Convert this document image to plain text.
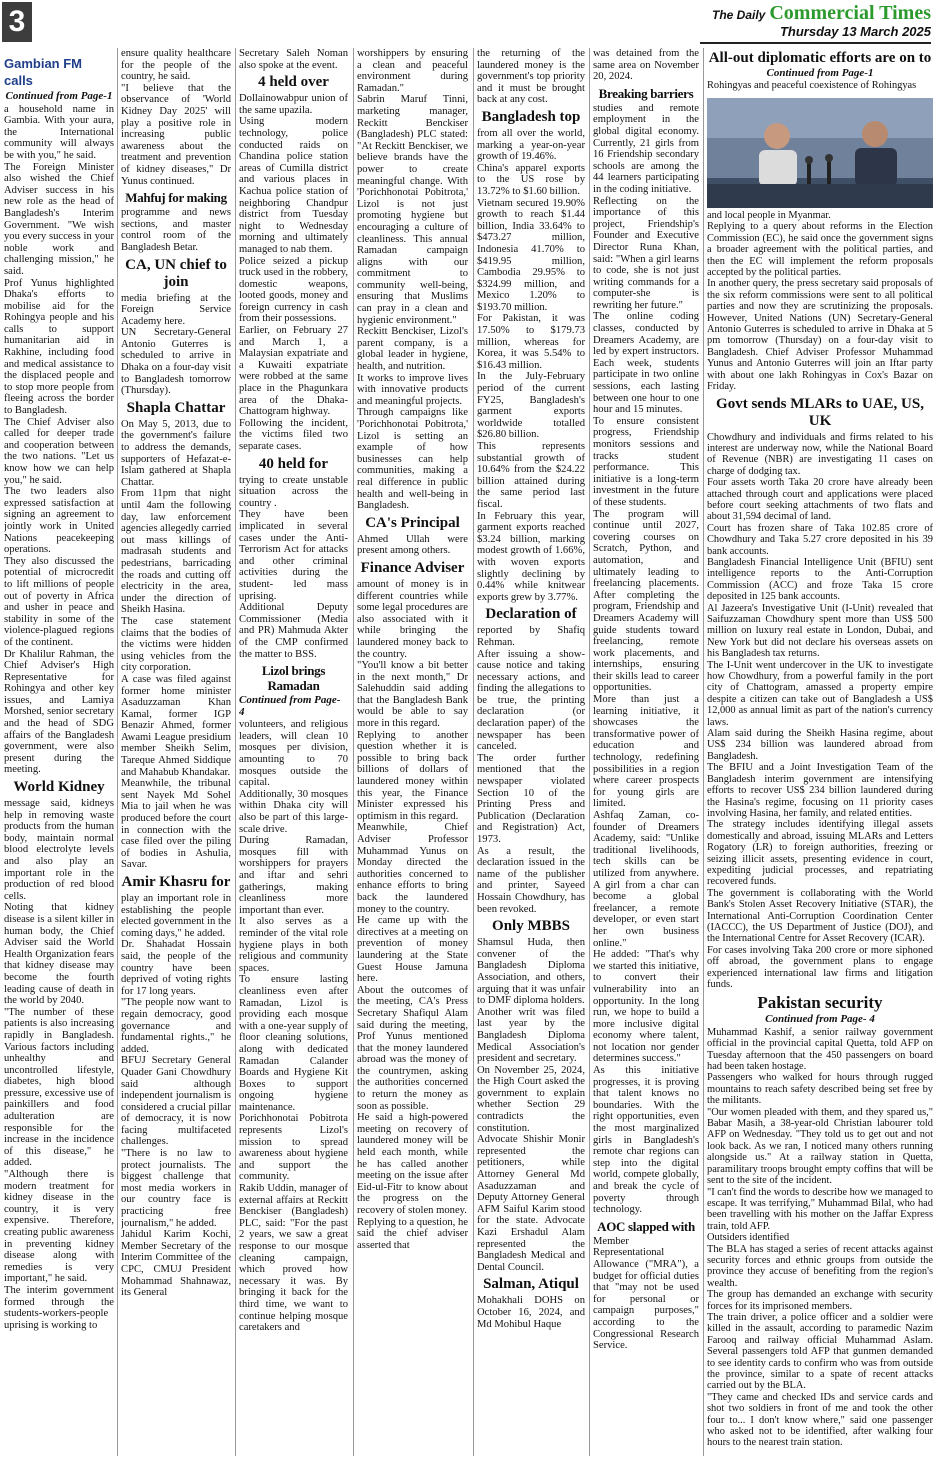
3	The Daily Commercial Times
Thursday 13 March 2025
Gambian FM calls
Continued from Page-1

a household name in Gambia. With your aura, the International community will always be with you," he said.

The Foreign Minister also wished the Chief Adviser success in his new role as the head of Bangladesh's Interim Government. "We wish you every success in your noble work and challenging mission," he said.

Prof Yunus highlighted Dhaka's efforts to mobilise aid for the Rohingya people and his calls to support humanitarian aid in Rakhine, including food and medical assistance to the displaced people and to stop more people from fleeing across the border to Bangladesh.

The Chief Adviser also called for deeper trade and cooperation between the two nations. "Let us know how we can help you," he said.

The two leaders also expressed satisfaction at signing an agreement to jointly work in United Nations peacekeeping operations.

They also discussed the potential of microcredit to lift millions of people out of poverty in Africa and usher in peace and stability in some of the violence-plagued regions of the continent.

Dr Khalilur Rahman, the Chief Adviser's High Representative for Rohingya and other key issues, and Lamiya Morshed, senior secretary and the head of SDG affairs of the Bangladesh government, were also present during the meeting.

World Kidney

message said, kidneys help in removing waste products from the human body, maintain normal blood electrolyte levels and also play an important role in the production of red blood cells.

Noting that kidney disease is a silent killer in human body, the Chief Adviser said the World Health Organization fears that kidney disease may become the fourth leading cause of death in the world by 2040.

"The number of these patients is also increasing rapidly in Bangladesh. Various factors including unhealthy and uncontrolled lifestyle, diabetes, high blood pressure, excessive use of painkillers and food adulteration are responsible for the increase in the incidence of this disease," he added.

"Although there is modern treatment for kidney disease in the country, it is very expensive. Therefore, creating public awareness in preventing kidney disease along with remedies is very important," he said.

The interim government formed through the students-workers-people uprising is working to

ensure quality healthcare for the people of the country, he said.

"I believe that the observance of 'World Kidney Day 2025' will play a positive role in increasing public awareness about the treatment and prevention of kidney diseases," Dr Yunus continued.

Mahfuj for making

programme and news sections, and master control room of the Bangladesh Betar.

CA, UN chief to join

media briefing at the Foreign Service Academy here.

UN Secretary-General Antonio Guterres is scheduled to arrive in Dhaka on a four-day visit to Bangladesh tomorrow (Thursday).

Shapla Chattar

On May 5, 2013, due to the government's failure to address the demands, supporters of Hefazat-e-Islam gathered at Shapla Chattar.

From 11pm that night until 4am the following day, law enforcement agencies allegedly carried out mass killings of madrasah students and pedestrians, barricading the roads and cutting off electricity in the area, under the direction of Sheikh Hasina.

The case statement claims that the bodies of the victims were hidden using vehicles from the city corporation.

A case was filed against former home minister Asaduzzaman Khan Kamal, former IGP Benazir Ahmed, former Awami League presidium member Sheikh Selim, Tareque Ahmed Siddique and Mahabub Khandakar.

Meanwhile, the tribunal sent Nayek Md Sohel Mia to jail when he was produced before the court in connection with the case filed over the piling of bodies in Ashulia, Savar.

Amir Khasru for

play an important role in establishing the people elected government in the coming days," he added.

Dr. Shahadat Hossain said, the people of the country have been deprived of voting rights for 17 long years.

"The people now want to regain democracy, good governance and fundamental rights.," he added.

BFUJ Secretary General Quader Gani Chowdhury said although independent journalism is considered a crucial pillar of democracy, it is now facing multifaceted challenges.

"There is no law to protect journalists. The biggest challenge that most media workers in our country face is practicing free journalism," he added.

Jahidul Karim Kochi, Member Secretary of the Interim Committee of the CPC, CMUJ President Mohammad Shahnawaz, its General

Secretary Saleh Noman also spoke at the event.

4 held over

Dollainowabpur union of the same upazila.

Using modern technology, police conducted raids on Chandina police station areas of Cumilla district and various places in Kachua police station of neighboring Chandpur district from Tuesday night to Wednesday morning and ultimately managed to nab them.

Police seized a pickup truck used in the robbery, domestic weapons, looted goods, money and foreign currency in cash from their possessions.

Earlier, on February 27 and March 1, a Malaysian expatriate and a Kuwaiti expatriate were robbed at the same place in the Phagunkara area of the Dhaka-Chattogram highway.

Following the incident, the victims filed two separate cases.

40 held for

trying to create unstable situation across the country .

They have been implicated in several cases under the Anti-Terrorism Act for attacks and other criminal activities during the student- led mass uprising.

Additional Deputy Commissioner (Media and PR) Mahmuda Akter of the CMP confirmed the matter to BSS.

Lizol brings Ramadan
Continued from Page- 4

volunteers, and religious leaders, will clean 10 mosques per division, amounting to 70 mosques outside the capital.

Additionally, 30 mosques within Dhaka city will also be part of this large-scale drive.

During Ramadan, mosques fill with worshippers for prayers and iftar and sehri gatherings, making cleanliness more important than ever.

It also serves as a reminder of the vital role hygiene plays in both religious and community spaces.

To ensure lasting cleanliness even after Ramadan, Lizol is providing each mosque with a one-year supply of floor cleaning solutions, along with dedicated Ramadan Calander Boards and Hygiene Kit Boxes to support ongoing hygiene maintenance.

Porichhonotai Pobitrota represents Lizol's mission to spread awareness about hygiene and support the community.

Rakib Uddin, manager of external affairs at Reckitt Benckiser (Bangladesh) PLC, said: "For the past 2 years, we saw a great response to our mosque cleaning campaign, which proved how necessary it was. By bringing it back for the third time, we want to continue helping mosque caretakers and

worshippers by ensuring a clean and peaceful environment during Ramadan."

Sabrin Maruf Tinni, marketing manager, Reckitt Benckiser (Bangladesh) PLC stated: "At Reckitt Benckiser, we believe brands have the power to create meaningful change. With 'Porichhonotai Pobitrota,' Lizol is not just promoting hygiene but encouraging a culture of cleanliness. This annual Ramadan campaign aligns with our commitment to community well-being, ensuring that Muslims can pray in a clean and hygienic environment."

Reckitt Benckiser, Lizol's parent company, is a global leader in hygiene, health, and nutrition.

It works to improve lives with innovative products and meaningful projects.

Through campaigns like 'Porichhonotai Pobitrota,' Lizol is setting an example of how businesses can help communities, making a real difference in public health and well-being in Bangladesh.

CA's Principal

Ahmed Ullah were present among others.

Finance Adviser

amount of money is in different countries while some legal procedures are also associated with it while bringing the laundered money back to the country.

"You'll know a bit better in the next month," Dr Salehuddin said adding that the Bangladesh Bank would be able to say more in this regard.

Replying to another question whether it is possible to bring back billions of dollars of laundered money within this year, the Finance Minister expressed his optimism in this regard.

Meanwhile, Chief Adviser Professor Muhammad Yunus on Monday directed the authorities concerned to enhance efforts to bring back the laundered money to the country.

He came up with the directives at a meeting on prevention of money laundering at the State Guest House Jamuna here.

About the outcomes of the meeting, CA's Press Secretary Shafiqul Alam said during the meeting, Prof Yunus mentioned that the money laundered abroad was the money of the countrymen, asking the authorities concerned to return the money as soon as possible.

He said a high-powered meeting on recovery of laundered money will be held each month, while he has called another meeting on the issue after Eid-ul-Fitr to know about the progress on the recovery of stolen money.

Replying to a question, he said the chief adviser asserted that

the returning of the laundered money is the government's top priority and it must be brought back at any cost.

Bangladesh top

from all over the world, marking a year-on-year growth of 19.46%.

China's apparel exports to the US rose by 13.72% to $1.60 billion.

Vietnam secured 19.90% growth to reach $1.44 billion, India 33.64% to $473.27 million, Indonesia 41.70% to $419.95 million, Cambodia 29.95% to $324.99 million, and Mexico 1.20% to $193.70 million.

For Pakistan, it was 17.50% to $179.73 million, whereas for Korea, it was 5.54% to $16.43 million.

In the July-February period of the current FY25, Bangladesh's garment exports worldwide totalled $26.80 billion.

This represents substantial growth of 10.64% from the $24.22 billion attained during the same period last fiscal.

In February this year, garment exports reached $3.24 billion, marking modest growth of 1.66%, with woven exports slightly declining by 0.44% while knitwear exports grew by 3.77%.

Declaration of

reported by Shafiq Rehman.

After issuing a show-cause notice and taking necessary actions, and finding the allegations to be true, the printing declaration (or declaration paper) of the newspaper has been canceled.

The order further mentioned that the newspaper violated Section 10 of the Printing Press and Publication (Declaration and Registration) Act, 1973.

As a result, the declaration issued in the name of the publisher and printer, Sayeed Hossain Chowdhury, has been revoked.

Only MBBS

Shamsul Huda, then convener of the Bangladesh Diploma Association, and others, arguing that it was unfair to DMF diploma holders.

Another writ was filed last year by the Bangladesh Diploma Medical Association's president and secretary.

On November 25, 2024, the High Court asked the government to explain whether Section 29 contradicts the constitution.

Advocate Shishir Monir represented the petitioners, while Attorney General Md Asaduzzaman and Deputy Attorney General AFM Saiful Karim stood for the state. Advocate Kazi Ershadul Alam represented the Bangladesh Medical and Dental Council.

Salman, Atiqul

Mohakhali DOHS on October 16, 2024, and Md Mohibul Haque

was detained from the same area on November 20, 2024.

Breaking barriers

studies and remote employment in the global digital economy. Currently, 21 girls from 16 Friendship secondary schools are among the 44 learners participating in the coding initiative.

Reflecting on the importance of this project, Friendship's Founder and Executive Director Runa Khan, said: "When a girl learns to code, she is not just writing commands for a computer-she is rewriting her future."

The online coding classes, conducted by Dreamers Academy, are led by expert instructors. Each week, students participate in two online sessions, each lasting between one hour to one hour and 15 minutes.

To ensure consistent progress, Friendship monitors sessions and tracks student performance. This initiative is a long-term investment in the future of these students.

The program will continue until 2027, covering courses on Scratch, Python, and automation, and ultimately leading to freelancing placements. After completing the program, Friendship and Dreamers Academy will guide students toward freelancing, remote work placements, and internships, ensuring their skills lead to career opportunities.

More than just a learning initiative, it showcases the transformative power of education and technology, redefining possibilities in a region where career prospects for young girls are limited.

Ashfaq Zaman, co-founder of Dreamers Academy, said: "Unlike traditional livelihoods, tech skills can be utilized from anywhere. A girl from a char can become a global freelancer, a remote developer, or even start her own business online."

He added: "That's why we started this initiative, to convert their vulnerability into an opportunity. In the long run, we hope to build a more inclusive digital economy where talent, not location nor gender determines success."

As this initiative progresses, it is proving that talent knows no boundaries. With the right opportunities, even the most marginalized girls in Bangladesh's remote char regions can step into the digital world, compete globally, and break the cycle of poverty through technology.

AOC slapped with

Member Representational Allowance ("MRA"), a budget for official duties that "may not be used for personal or campaign purposes," according to the Congressional Research Service.

All-out diplomatic efforts are on to
Continued from Page-1

Rohingyas and peaceful coexistence of Rohingyas

and local people in Myanmar.

Replying to a query about reforms in the Election Commission (EC), he said once the government signs a broader agreement with the political parties, and then the EC will implement the reform proposals accepted by the political parties.

In another query, the press secretary said proposals of the six reform commissions were sent to all political parties and now they are scrutinizing the proposals. However, United Nations (UN) Secretary-General Antonio Guterres is scheduled to arrive in Dhaka at 5 pm tomorrow (Thursday) on a four-day visit to Bangladesh. Chief Adviser Professor Muhammad Yunus and Antonio Guterres will join an Iftar party with about one lakh Rohingyas in Cox's Bazar on Friday.

Govt sends MLARs to UAE, US, UK

Chowdhury and individuals and firms related to his interest are underway now, while the National Board of Revenue (NBR) are investigating 11 cases on charge of dodging tax.

Four assets worth Taka 20 crore have already been attached through court and applications were placed before court seeking attachments of two flats and about 31,594 decimal of land.

Court has frozen share of Taka 102.85 crore of Chowdhury and Taka 5.27 crore deposited in his 39 bank accounts.

Bangladesh Financial Intelligence Unit (BFIU) sent intelligence reports to the Anti-Corruption Commission (ACC) and froze Taka 15 crore deposited in 125 bank accounts.

Al Jazeera's Investigative Unit (I-Unit) revealed that Saifuzzaman Chowdhury spent more than US$ 500 million on luxury real estate in London, Dubai, and New York but did not declare his overseas assets on his Bangladesh tax returns.

The I-Unit went undercover in the UK to investigate how Chowdhury, from a powerful family in the port city of Chattogram, amassed a property empire despite a citizen can take out of Bangladesh a US$ 12,000 as annual limit as part of the nation's currency laws.

Alam said during the Sheikh Hasina regime, about US$ 234 billion was laundered abroad from Bangladesh.

The BFIU and a Joint Investigation Team of the Bangladesh interim government are intensifying efforts to recover US$ 234 billion laundered during the Hasina's regime, focusing on 11 priority cases involving Hasina, her family, and related entities.

The strategy includes identifying illegal assets domestically and abroad, issuing MLARs and Letters Rogatory (LR) to foreign authorities, freezing or seizing illicit assets, presenting evidence in court, expediting judicial processes, and repatriating recovered funds.

The government is collaborating with the World Bank's Stolen Asset Recovery Initiative (STAR), the International Anti-Corruption Coordination Center (IACCC), the US Department of Justice (DOJ), and the International Centre for Asset Recovery (ICAR).

For cases involving Taka 200 crore or more siphoned off abroad, the government plans to engage experienced international law firms and litigation funds.

Pakistan security
Continued from Page- 4

Muhammad Kashif, a senior railway government official in the provincial capital Quetta, told AFP on Tuesday afternoon that the 450 passengers on board had been taken hostage.

Passengers who walked for hours through rugged mountains to reach safety described being set free by the militants.

"Our women pleaded with them, and they spared us," Babar Masih, a 38-year-old Christian labourer told AFP on Wednesday. "They told us to get out and not look back. As we ran, I noticed many others running alongside us." At a railway station in Quetta, paramilitary troops brought empty coffins that will be sent to the site of the incident.

"I can't find the words to describe how we managed to escape. It was terrifying," Muhammad Bilal, who had been travelling with his mother on the Jaffar Express train, told AFP.

Outsiders identified

The BLA has staged a series of recent attacks against security forces and ethnic groups from outside the province they accuse of benefiting from the region's wealth.

The group has demanded an exchange with security forces for its imprisoned members.

The train driver, a police officer and a soldier were killed in the assault, according to paramedic Nazim Farooq and railway official Muhammad Aslam. Several passengers told AFP that gunmen demanded to see identity cards to confirm who was from outside the province, similar to a spate of recent attacks carried out by the BLA.

"They came and checked IDs and service cards and shot two soldiers in front of me and took the other four to... I don't know where," said one passenger who asked not to be identified, after walking four hours to the nearest train station.
